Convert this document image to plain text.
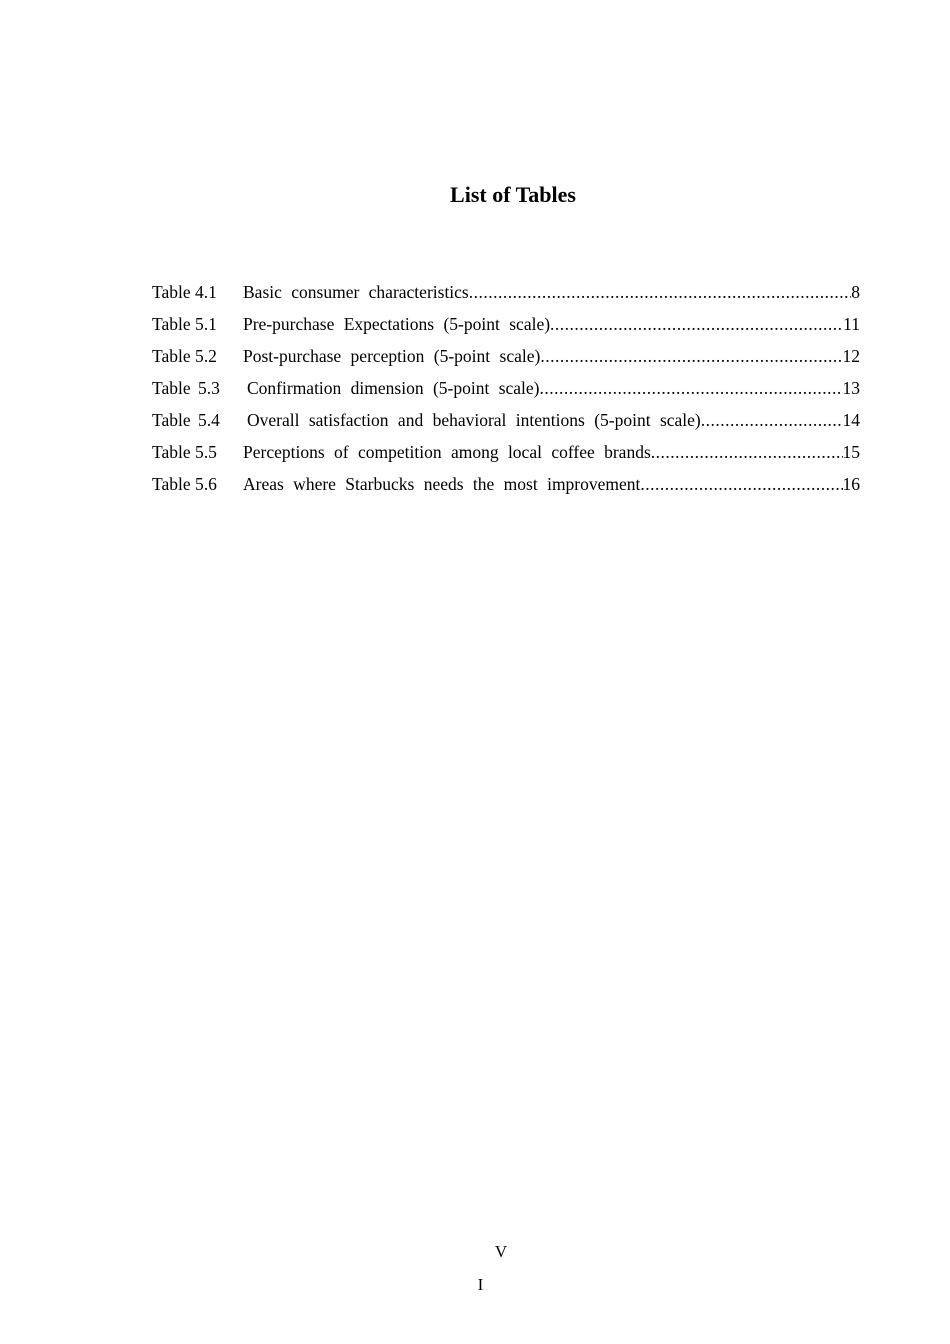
List of Tables
Table 4.1	Basic consumer characteristics .....	8
Table 5.1	Pre-purchase Expectations (5-point scale) .....	11
Table 5.2	Post-purchase perception (5-point scale) .....	12
Table 5.3	Confirmation dimension (5-point scale) .....	13
Table 5.4	Overall satisfaction and behavioral intentions (5-point scale) .....	14
Table 5.5	Perceptions of competition among local coffee brands .....	15
Table 5.6	Areas where Starbucks needs the most improvement .....	16
V
I
